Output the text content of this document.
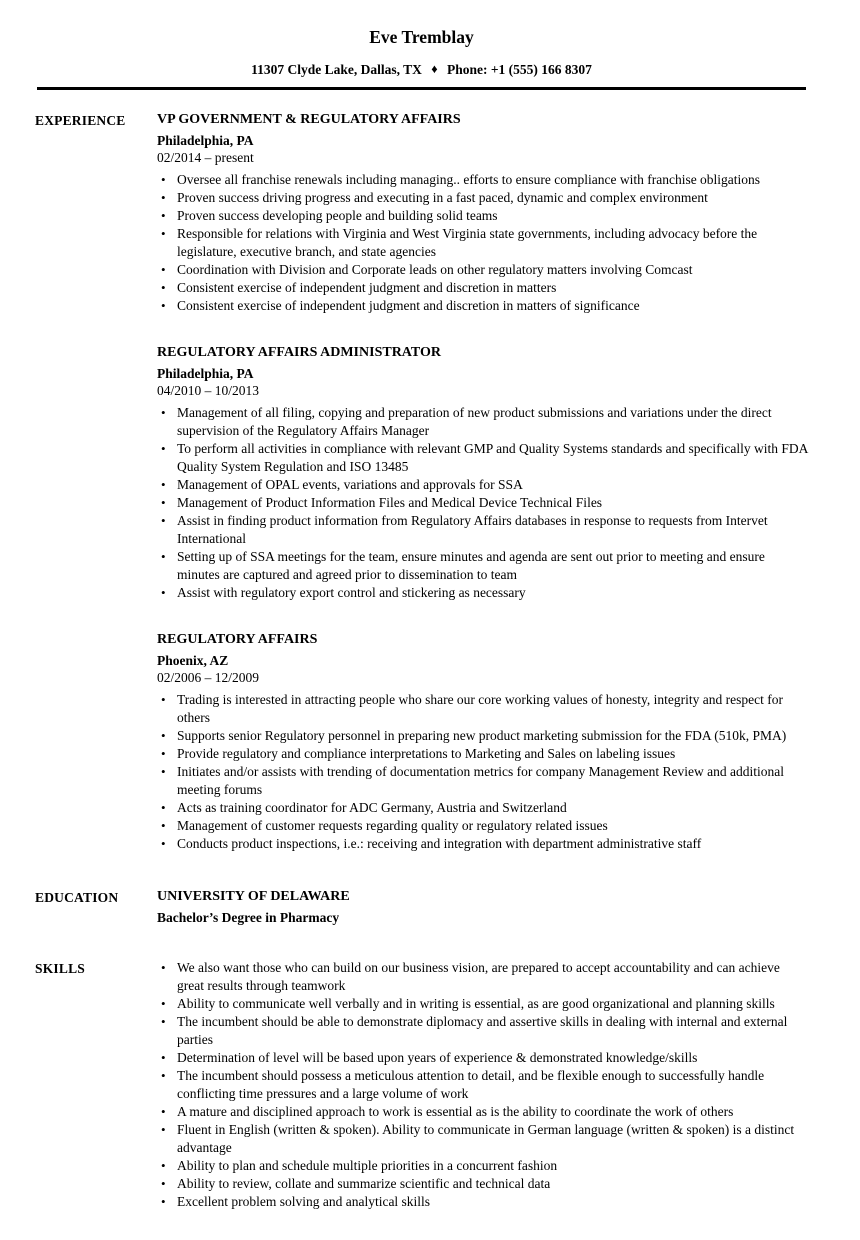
Eve Tremblay
11307 Clyde Lake, Dallas, TX ♦ Phone: +1 (555) 166 8307
EXPERIENCE	VP GOVERNMENT & REGULATORY AFFAIRS
Philadelphia, PA
02/2014 – present
• Oversee all franchise renewals including managing.. efforts to ensure compliance with franchise obligations
• Proven success driving progress and executing in a fast paced, dynamic and complex environment
• Proven success developing people and building solid teams
• Responsible for relations with Virginia and West Virginia state governments, including advocacy before the legislature, executive branch, and state agencies
• Coordination with Division and Corporate leads on other regulatory matters involving Comcast
• Consistent exercise of independent judgment and discretion in matters
• Consistent exercise of independent judgment and discretion in matters of significance
REGULATORY AFFAIRS ADMINISTRATOR
Philadelphia, PA
04/2010 – 10/2013
• Management of all filing, copying and preparation of new product submissions and variations under the direct supervision of the Regulatory Affairs Manager
• To perform all activities in compliance with relevant GMP and Quality Systems standards and specifically with FDA Quality System Regulation and ISO 13485
• Management of OPAL events, variations and approvals for SSA
• Management of Product Information Files and Medical Device Technical Files
• Assist in finding product information from Regulatory Affairs databases in response to requests from Intervet International
• Setting up of SSA meetings for the team, ensure minutes and agenda are sent out prior to meeting and ensure minutes are captured and agreed prior to dissemination to team
• Assist with regulatory export control and stickering as necessary
REGULATORY AFFAIRS
Phoenix, AZ
02/2006 – 12/2009
• Trading is interested in attracting people who share our core working values of honesty, integrity and respect for others
• Supports senior Regulatory personnel in preparing new product marketing submission for the FDA (510k, PMA)
• Provide regulatory and compliance interpretations to Marketing and Sales on labeling issues
• Initiates and/or assists with trending of documentation metrics for company Management Review and additional meeting forums
• Acts as training coordinator for ADC Germany, Austria and Switzerland
• Management of customer requests regarding quality or regulatory related issues
• Conducts product inspections, i.e.: receiving and integration with department administrative staff
EDUCATION	UNIVERSITY OF DELAWARE
Bachelor’s Degree in Pharmacy
SKILLS	• We also want those who can build on our business vision, are prepared to accept accountability and can achieve great results through teamwork
• Ability to communicate well verbally and in writing is essential, as are good organizational and planning skills
• The incumbent should be able to demonstrate diplomacy and assertive skills in dealing with internal and external parties
• Determination of level will be based upon years of experience & demonstrated knowledge/skills
• The incumbent should possess a meticulous attention to detail, and be flexible enough to successfully handle conflicting time pressures and a large volume of work
• A mature and disciplined approach to work is essential as is the ability to coordinate the work of others
• Fluent in English (written & spoken). Ability to communicate in German language (written & spoken) is a distinct advantage
• Ability to plan and schedule multiple priorities in a concurrent fashion
• Ability to review, collate and summarize scientific and technical data
• Excellent problem solving and analytical skills
